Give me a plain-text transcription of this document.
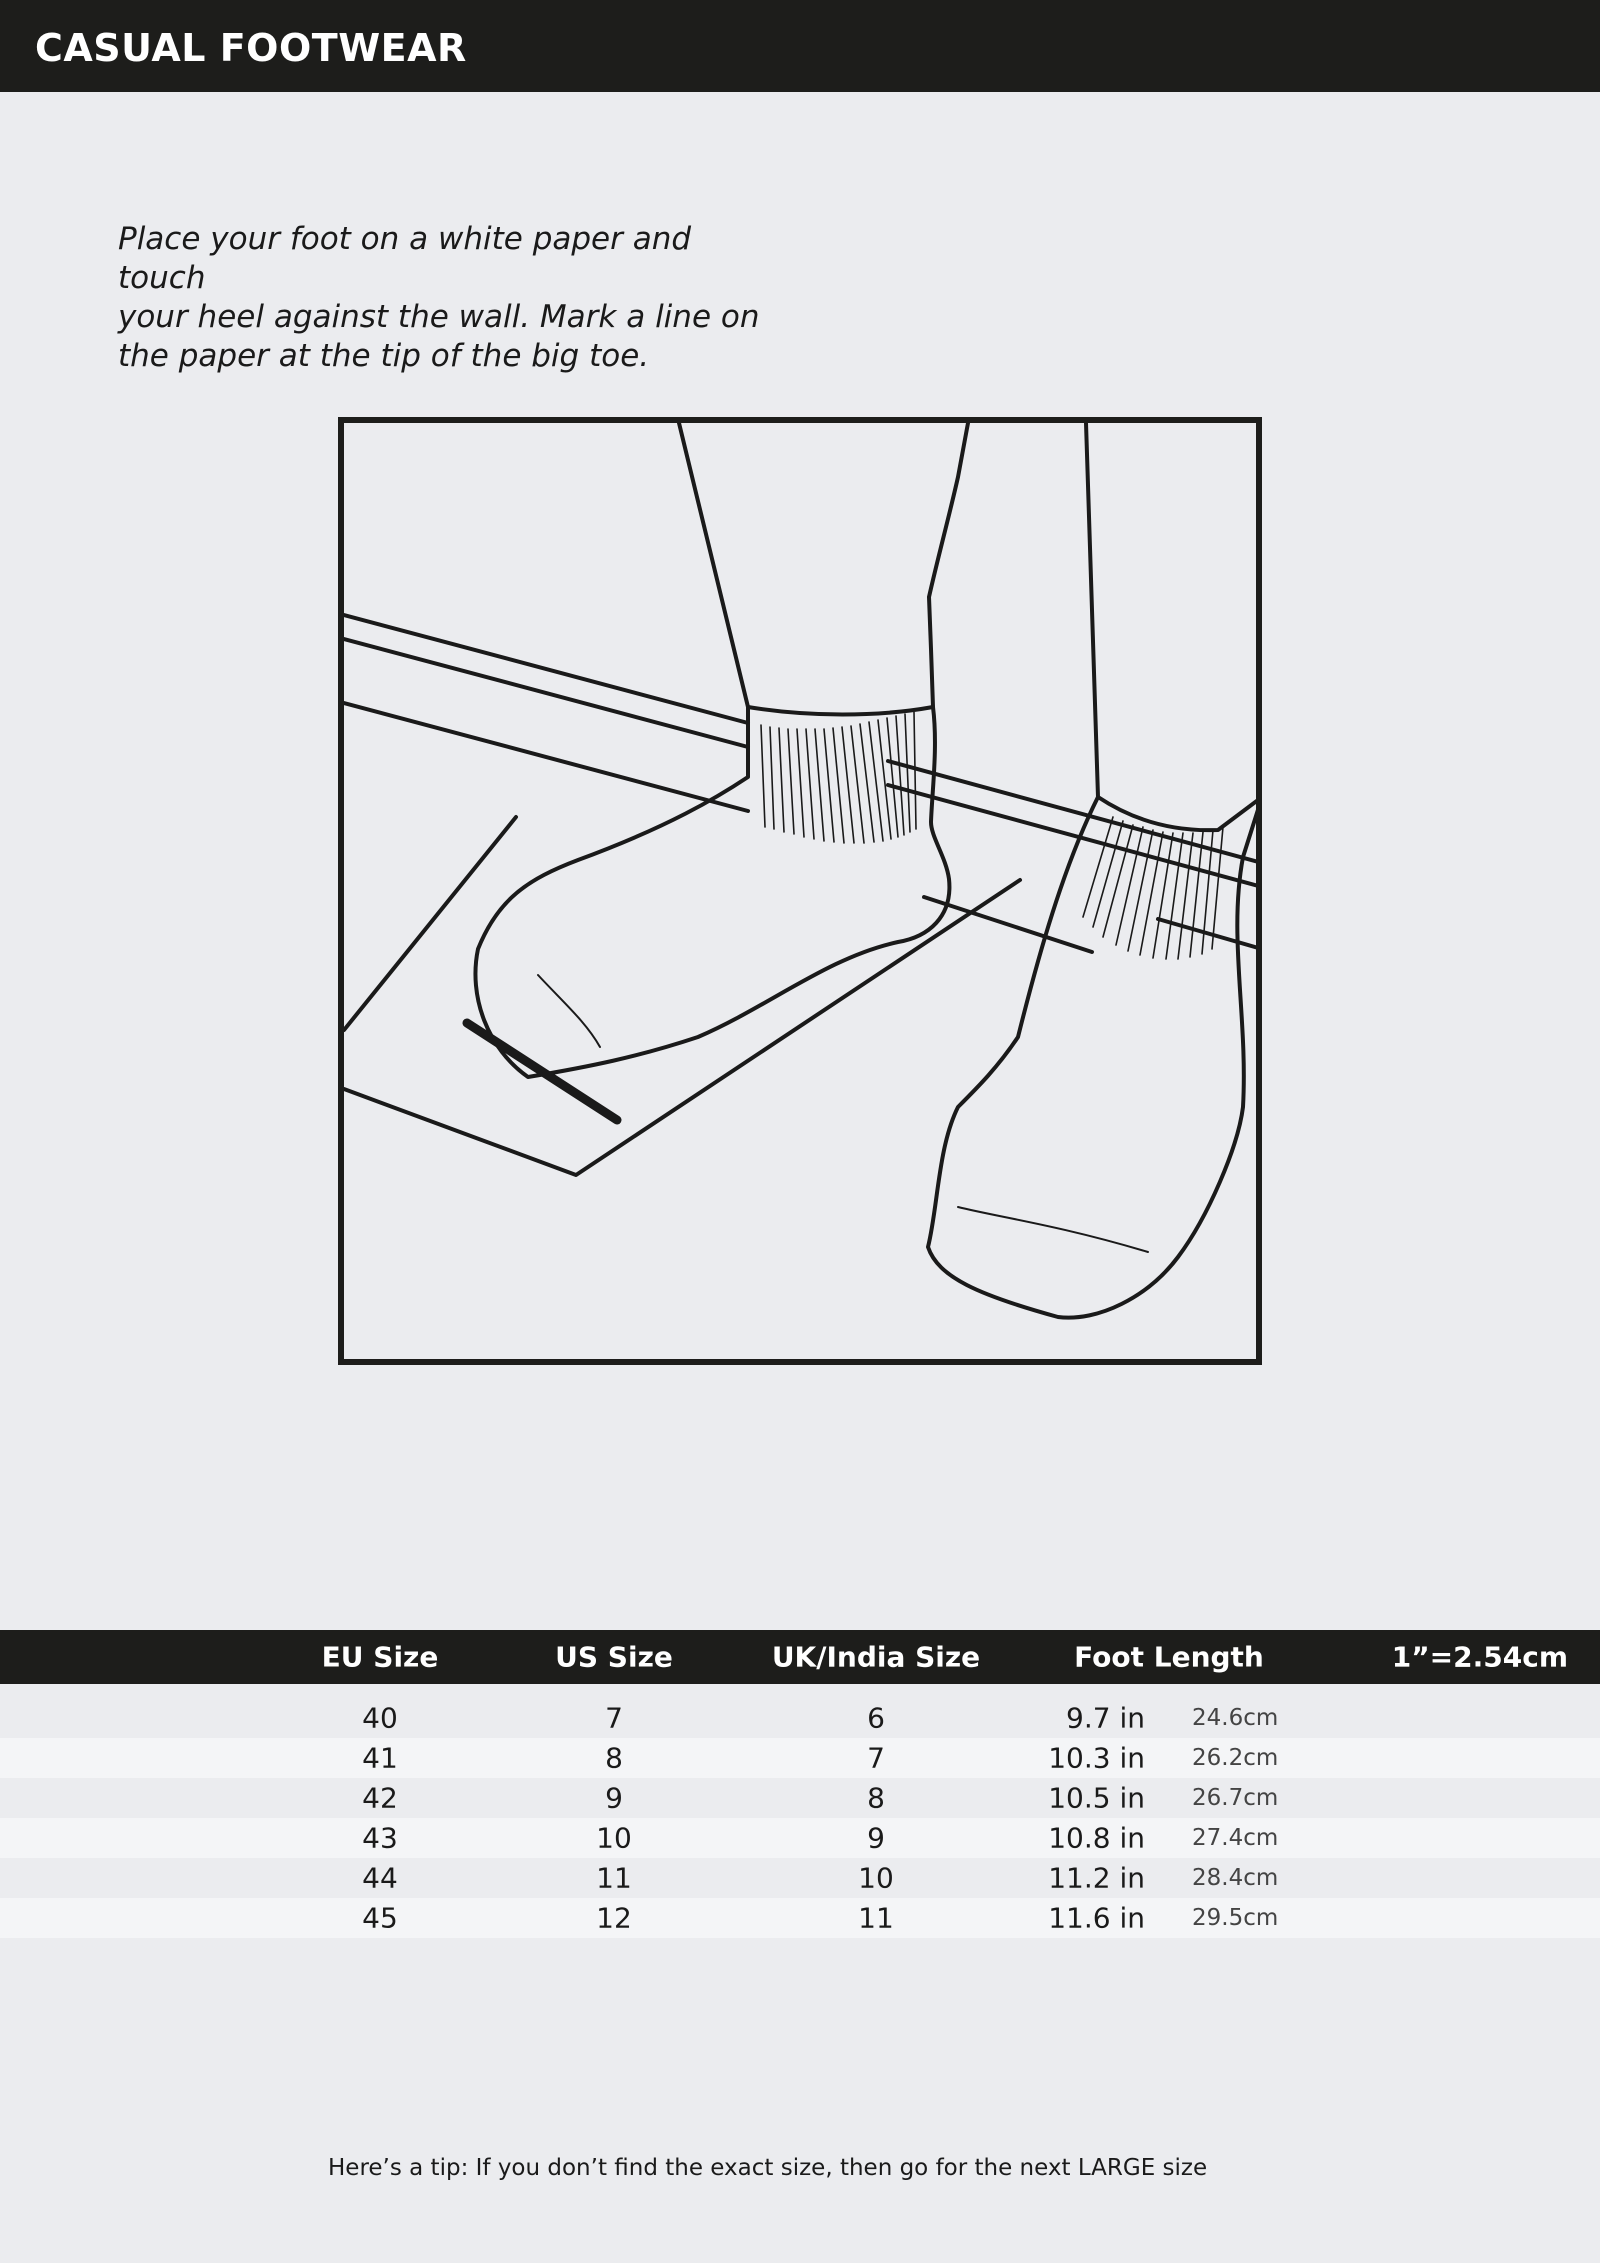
CASUAL FOOTWEAR
Place your foot on a white paper and touch
your heel against the wall. Mark a line on
the paper at the tip of the big toe.
EU Size	US Size	UK/India Size	Foot Length	1”=2.54cm
40	7	6	9.7 in 24.6cm
41	8	7	10.3 in 26.2cm
42	9	8	10.5 in 26.7cm
43	10	9	10.8 in 27.4cm
44	11	10	11.2 in 28.4cm
45	12	11	11.6 in 29.5cm
Here’s a tip: If you don’t find the exact size, then go for the next LARGE size
